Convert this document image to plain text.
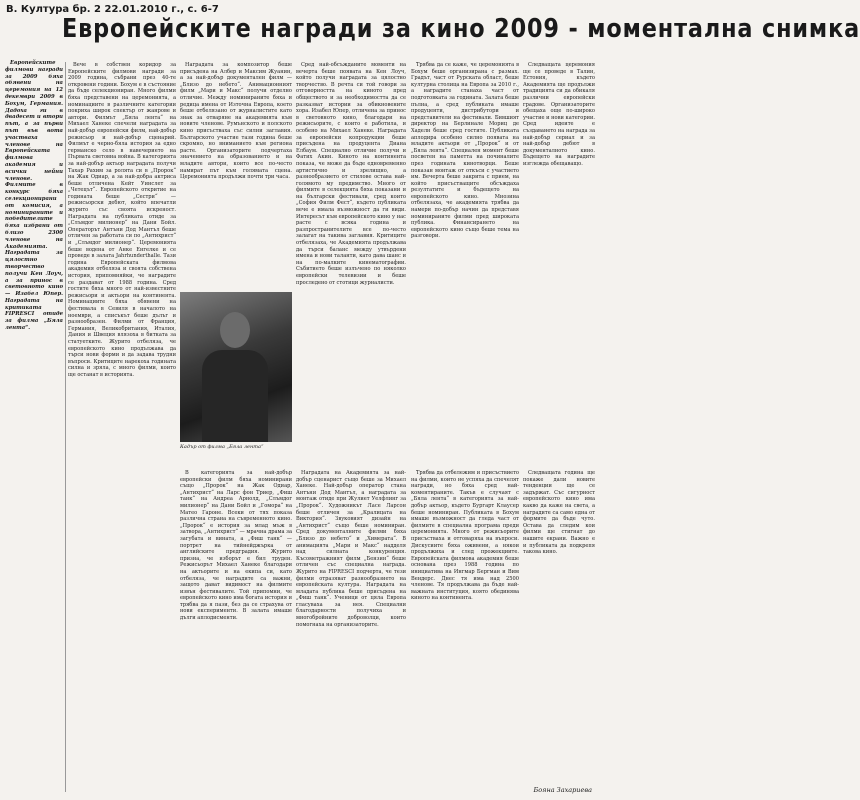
В. Култура бр. 2 22.01.2010 г., с. 6-7
Европейските награди за кино 2009 - моментална снимка

Европейските филмови награди за 2009 бяха обявени на церемония на 12 декември 2009 в Бохум, Германия. Дадоха ги в двадесет и втори път, а за първи път във вота участваха членове на Европейската филмова академия и всички нейни членове. Филмите в конкурс бяха селекционирани от комисия, а номинираните и победителите бяха избрани от близо 2300 членове на Академията. Наградата за цялостно творчество получи Кен Лоуч, а за принос в световното кино — Изабел Юпер. Наградата на критиката FIPRESCI отиде за филма „Бяла лента“.

Вече в собствен коридор за Европейските филмови награди за 2009 година, събрани през 40-те откровени години. Бохум е в състояние да бъде селекциониран. Много филми бяха представени на церемонията, а номинациите в различните категории покриха широк спектър от жанрове и автори. Филмът „Бяла лента“ на Михаел Ханеке спечели наградата за най-добър европейски филм, най-добър режисьор и най-добър сценарий. Филмът е черно-бяла история за едно германско село в навечерието на Първата световна война. В категорията за най-добър актьор наградата получи Тахар Рахим за ролята си в „Пророк“ на Жак Одиар, а за най-добра актриса беше отличена Кейт Уинслет за „Четецът“. Европейското откритие на годината беше „Сестри“ — режисьорски дебют, който впечатли журито със своята искреност. Наградата на публиката отиде за „Слъмдог милионер“ на Дани Бойл. Операторът Антъни Дод Мантъл беше отличен за работата си по „Антихрист“ и „Слъмдог милионер“. Церемонията беше водена от Анке Енгелке и се проведе в залата Jahrhunderthalle. Тази година Европейската филмова академия отбеляза и своята собствена история, припомняйки, че наградите се раздават от 1988 година. Сред гостите бяха много от най-известните режисьори и актьори на континента. Номинациите бяха обявени на фестивала в Севиля в началото на ноември, а списъкът беше дълъг и разнообразен. Филми от Франция, Германия, Великобритания, Италия, Дания и Швеция влязоха в битката за статуетките. Журито отбеляза, че европейското кино продължава да търси нови форми и да задава трудни въпроси. Критиците нарекоха годината силна и зряла, с много филми, които ще останат в историята.

Наградата за композитор беше присъдена на Албер и Максим Жуанин, а за най-добър документален филм — „Близо до небето“. Анимационният филм „Мари и Макс“ получи отделно отличие. Между номинираните бяха и редица имена от Източна Европа, което беше отбелязано от журналистите като знак за отваряне на академията към новите членове. Румънското и полското кино присъстваха със силни заглавия. Българското участие тази година беше скромно, но вниманието към региона расте. Организаторите подчертаха значението на образованието и на младите автори, които все по-често намират път към голямата сцена. Церемонията продължи почти три часа.

Сред най-обсъжданите моменти на вечерта беше появата на Кен Лоуч, който получи наградата за цялостно творчество. В речта си той говори за отговорността на киното пред обществото и за необходимостта да се разказват истории за обикновените хора. Изабел Юпер, отличена за принос в световното кино, благодари на режисьорите, с които е работила, и особено на Михаел Ханеке. Наградата за европейски копродукции беше присъдена на продуцента Диана Елбаум. Специално отличие получи и Фатих Акин. Киното на континента показа, че може да бъде едновременно артистично и зрелищно, а разнообразието от стилове остава най-голямото му предимство. Много от филмите в селекцията бяха показани и на български фестивали, сред които „София Филм Фест“, където публиката вече е имала възможност да ги види. Интересът към европейското кино у нас расте с всяка година и разпространителите все по-често залагат на такива заглавия. Критиците отбелязаха, че Академията продължава да търси баланс между утвърдени имена и нови таланти, като дава шанс и на по-малките кинематографии. Събитието беше излъчено по няколко европейски телевизии и беше проследено от стотици журналисти.

Трябва да се каже, че церемонията в Бохум беше организирана с размах. Градът, част от Рурската област, беше културна столица на Европа за 2010 г., а наградите станаха част от подготовката за годината. Залата беше пълна, а сред публиката имаше продуценти, дистрибутори и представители на фестивали. Бившият директор на Берлинале Мориц де Хаделн беше сред гостите. Публиката аплодира особено силно появата на младите актьори от „Пророк“ и от „Бяла лента“. Специален момент беше посветен на паметта на починалите през годината кинотворци. Беше показан монтаж от откъси с участието им. Вечерта беше закрита с прием, на който присъстващите обсъждаха резултатите и бъдещето на европейското кино. Мнозина отбелязаха, че академията трябва да намери по-добър начин да представя номинираните филми пред широката публика. Финансирането на европейското кино също беше тема на разговори.

Следващата церемония ще се проведе в Талин, Естония, където Академията ще продължи традицията си да обикаля различни европейски градове. Организаторите обещаха още по-широко участие и нови категории. Сред идеите е създаването на награда за най-добър сериал и за най-добър дебют в документалното кино. Бъдещето на наградите изглежда обещаващо.

Кадър от филма „Бяла лента“

В категорията за най-добър европейски филм бяха номинирани също „Пророк“ на Жак Одиар, „Антихрист“ на Ларс фон Триер, „Фиш танк“ на Андреа Арнолд, „Слъмдог милионер“ на Дани Бойл и „Гомора“ на Матео Гароне. Всеки от тях показа различна страна на съвременното кино. „Пророк“ е история за млад мъж в затвора, „Антихрист“ — мрачна драма за загубата и вината, а „Фиш танк“ — портрет на тийнейджърка от английските предградия. Журито призна, че изборът е бил труден. Режисьорът Михаел Ханеке благодари на актьорите и на екипа си, като отбеляза, че наградите са важни, защото дават видимост на филмите извън фестивалите. Той припомни, че европейското кино има богата история и трябва да я пази, без да се страхува от нови експерименти. В залата имаше дълги аплодисменти.

Наградата на Академията за най-добър сценарист също беше за Михаел Ханеке. Най-добър оператор стана Антъни Дод Мантъл, а наградата за монтаж отиде при Жулиет Уелфлинг за „Пророк“. Художникът Ласе Ларсон беше отличен за „Кралицата на Виктория“. Звуковият дизайн на „Антихрист“ също беше номиниран. Сред документалните филми бяха „Близо до небето“ и „Химерата“. В анимацията „Мари и Макс“ надделя над силната конкуренция. Късометражният филм „Бензин“ беше отличен със специална награда. Журито на FIPRESCI подчерта, че тези филми отразяват разнообразието на европейската култура. Наградата на младата публика беше присъдена на „Фиш танк“. Ученици от цяла Европа гласуваха за нея. Специални благодарности получиха и многобройните доброволци, които помогнаха на организаторите.

Трябва да отбележим и присъствието на филми, които не успяха да спечелят награди, но бяха сред най-коментираните. Такъв е случаят с „Бяла лента“ в категорията за най-добър актьор, където Бургарт Клаусер беше номиниран. Публиката в Бохум имаше възможност да гледа част от филмите в специална програма преди церемонията. Много от режисьорите присъстваха и отговаряха на въпроси. Дискусиите бяха оживени, а някои продължиха и след прожекциите. Европейската филмова академия беше основана през 1988 година по инициатива на Ингмар Бергман и Вим Вендерс. Днес тя има над 2500 членове. Тя продължава да бъде най-важната институция, която обединява киното на континента.

Следващата година ще покаже дали новите тенденции ще се задържат. Със сигурност европейското кино има какво да каже на света, а наградите са само една от формите да бъде чуто. Остава да следим кои филми ще стигнат до нашите екрани. Важно е и публиката да подкрепя такова кино.

Бояна Захариева
